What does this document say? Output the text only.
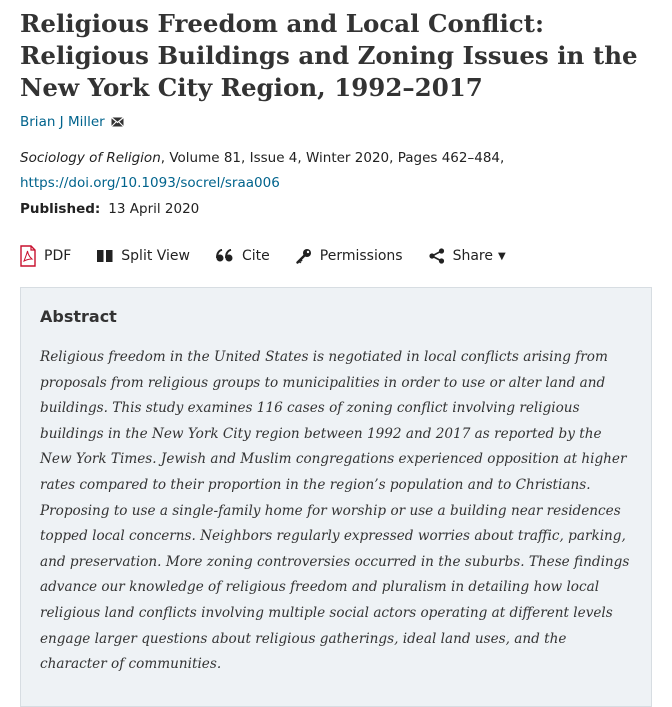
Religious Freedom and Local Conflict: Religious Buildings and Zoning Issues in the New York City Region, 1992–2017
Brian J Miller
Sociology of Religion, Volume 81, Issue 4, Winter 2020, Pages 462–484,
https://doi.org/10.1093/socrel/sraa006
Published: 13 April 2020
PDF	Split View	Cite	Permissions	Share ▼
Abstract

Religious freedom in the United States is negotiated in local conflicts arising from proposals from religious groups to municipalities in order to use or alter land and buildings. This study examines 116 cases of zoning conflict involving religious buildings in the New York City region between 1992 and 2017 as reported by the New York Times. Jewish and Muslim congregations experienced opposition at higher rates compared to their proportion in the region’s population and to Christians. Proposing to use a single-family home for worship or use a building near residences topped local concerns. Neighbors regularly expressed worries about traffic, parking, and preservation. More zoning controversies occurred in the suburbs. These findings advance our knowledge of religious freedom and pluralism in detailing how local religious land conflicts involving multiple social actors operating at different levels engage larger questions about religious gatherings, ideal land uses, and the character of communities.
